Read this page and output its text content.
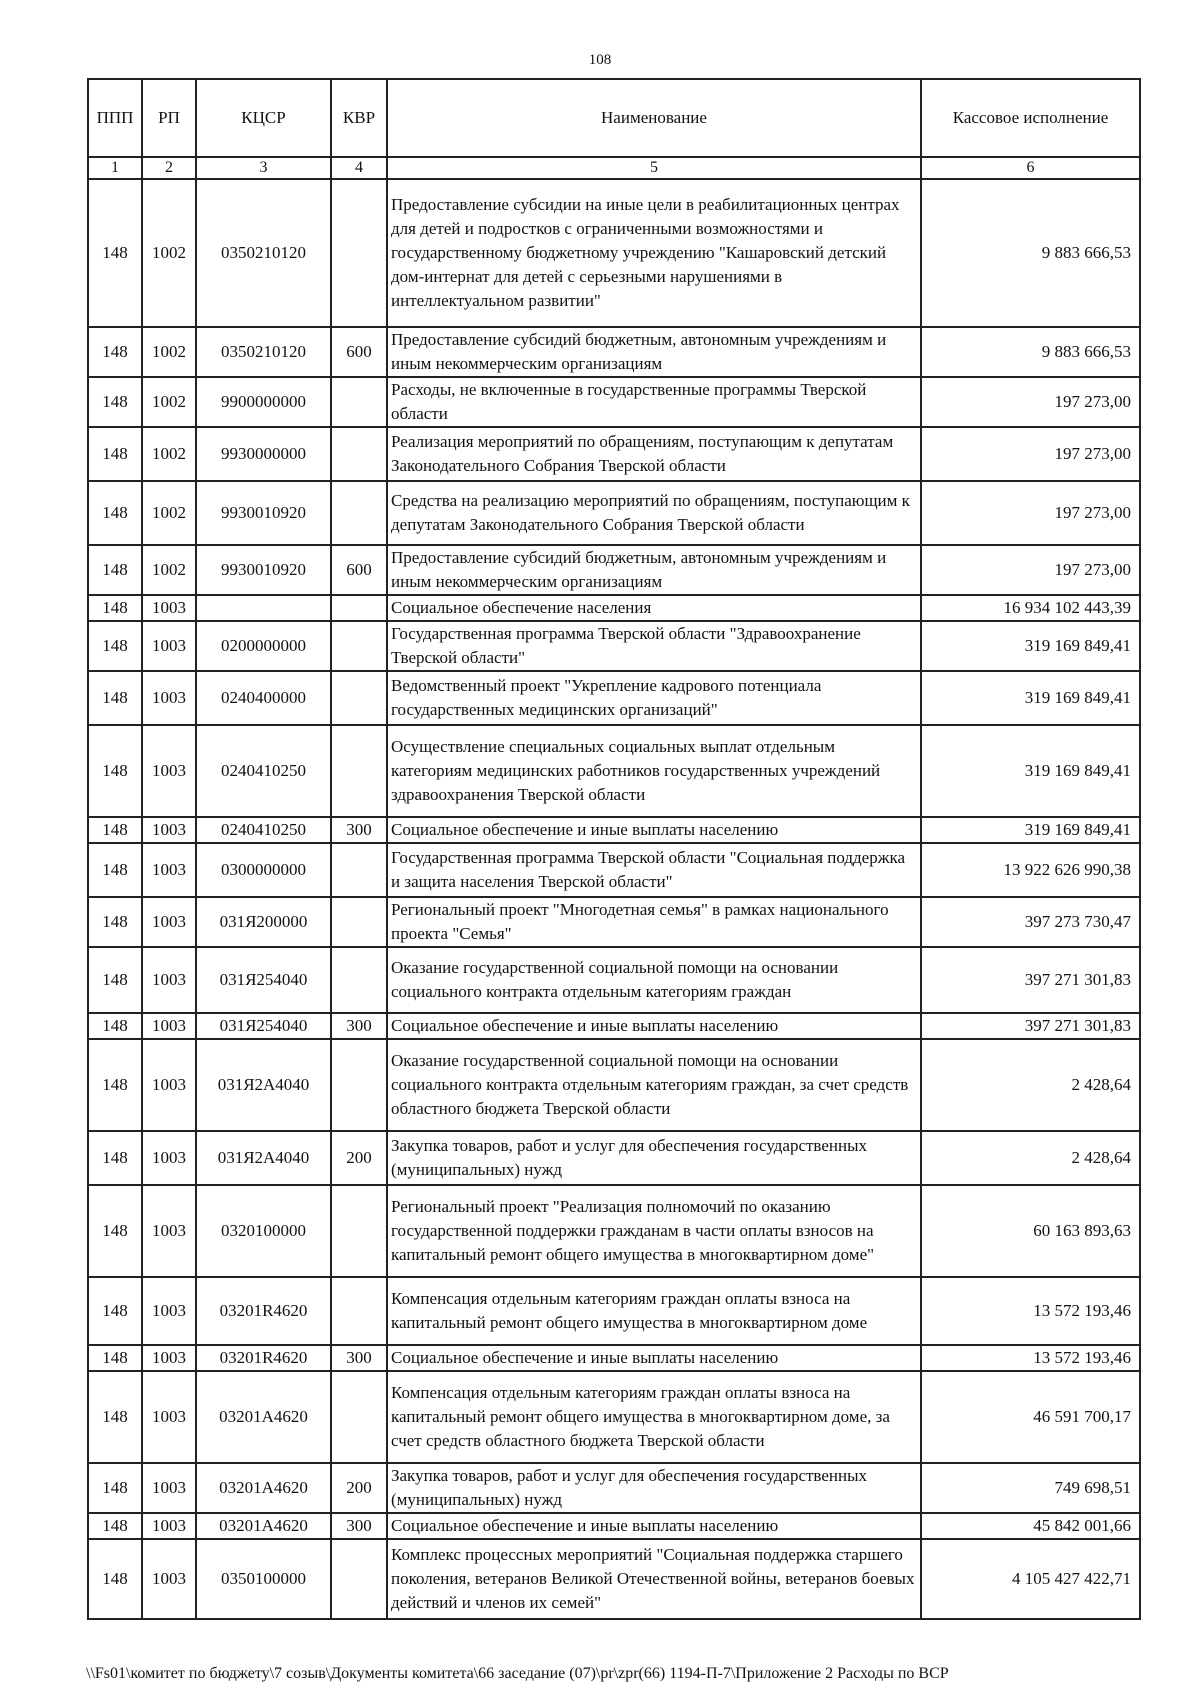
108
ППП	РП	КЦСР	КВР	Наименование	Кассовое исполнение
1	2	3	4	5	6
148	1002	0350210120		Предоставление субсидии на иные цели в реабилитационных центрах для детей и подростков с ограниченными возможностями и государственному бюджетному учреждению "Кашаровский детский дом-интернат для детей с серьезными нарушениями в интеллектуальном развитии"	9 883 666,53
148	1002	0350210120	600	Предоставление субсидий бюджетным, автономным учреждениям и иным некоммерческим организациям	9 883 666,53
148	1002	9900000000		Расходы, не включенные в государственные программы Тверской области	197 273,00
148	1002	9930000000		Реализация мероприятий по обращениям, поступающим к депутатам Законодательного Собрания Тверской области	197 273,00
148	1002	9930010920		Средства на реализацию мероприятий по обращениям, поступающим к депутатам Законодательного Собрания Тверской области	197 273,00
148	1002	9930010920	600	Предоставление субсидий бюджетным, автономным учреждениям и иным некоммерческим организациям	197 273,00
148	1003			Социальное обеспечение населения	16 934 102 443,39
148	1003	0200000000		Государственная программа Тверской области "Здравоохранение Тверской области"	319 169 849,41
148	1003	0240400000		Ведомственный проект "Укрепление кадрового потенциала государственных медицинских организаций"	319 169 849,41
148	1003	0240410250		Осуществление специальных социальных выплат отдельным категориям медицинских работников государственных учреждений здравоохранения Тверской области	319 169 849,41
148	1003	0240410250	300	Социальное обеспечение и иные выплаты населению	319 169 849,41
148	1003	0300000000		Государственная программа Тверской области "Социальная поддержка и защита населения Тверской области"	13 922 626 990,38
148	1003	031Я200000		Региональный проект "Многодетная семья" в рамках национального проекта "Семья"	397 273 730,47
148	1003	031Я254040		Оказание государственной социальной помощи на основании социального контракта отдельным категориям граждан	397 271 301,83
148	1003	031Я254040	300	Социальное обеспечение и иные выплаты населению	397 271 301,83
148	1003	031Я2А4040		Оказание государственной социальной помощи на основании социального контракта отдельным категориям граждан, за счет средств областного бюджета Тверской области	2 428,64
148	1003	031Я2А4040	200	Закупка товаров, работ и услуг для обеспечения государственных (муниципальных) нужд	2 428,64
148	1003	0320100000		Региональный проект "Реализация полномочий по оказанию государственной поддержки гражданам в части оплаты взносов на капитальный ремонт общего имущества в многоквартирном доме"	60 163 893,63
148	1003	03201R4620		Компенсация отдельным категориям граждан оплаты взноса на капитальный ремонт общего имущества в многоквартирном доме	13 572 193,46
148	1003	03201R4620	300	Социальное обеспечение и иные выплаты населению	13 572 193,46
148	1003	03201А4620		Компенсация отдельным категориям граждан оплаты взноса на капитальный ремонт общего имущества в многоквартирном доме, за счет средств областного бюджета Тверской области	46 591 700,17
148	1003	03201А4620	200	Закупка товаров, работ и услуг для обеспечения государственных (муниципальных) нужд	749 698,51
148	1003	03201А4620	300	Социальное обеспечение и иные выплаты населению	45 842 001,66
148	1003	0350100000		Комплекс процессных мероприятий "Социальная поддержка старшего поколения, ветеранов Великой Отечественной войны, ветеранов боевых действий и членов их семей"	4 105 427 422,71
\\Fs01\комитет по бюджету\7 созыв\Документы комитета\66 заседание (07)\pr\zpr(66) 1194-П-7\Приложение 2 Расходы по ВСР
